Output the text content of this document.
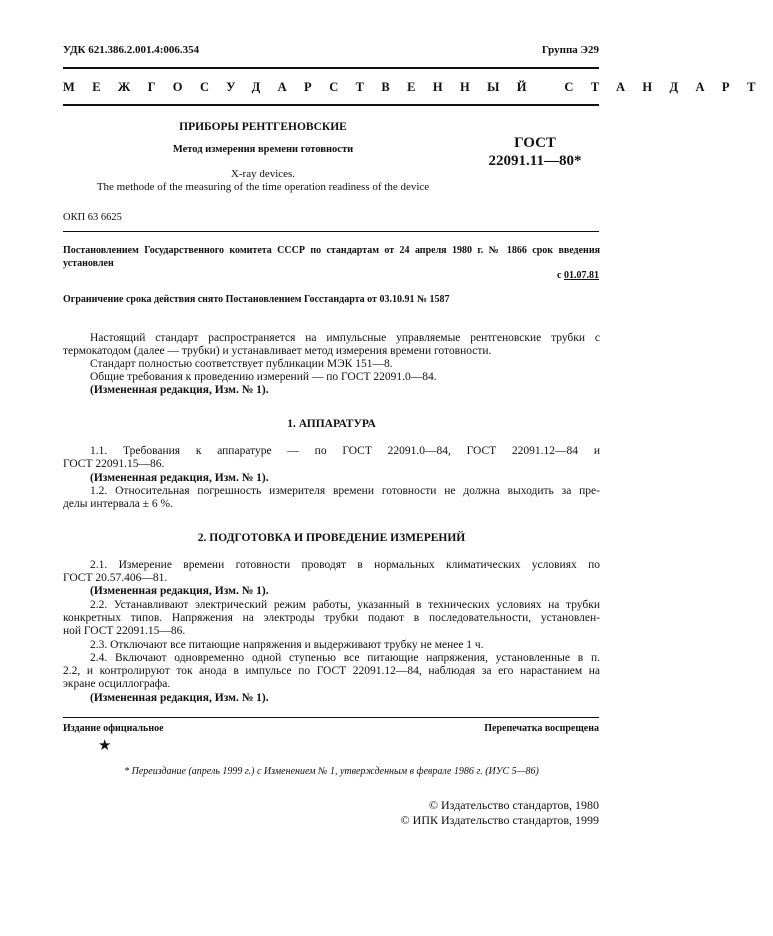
УДК 621.386.2.001.4:006.354	Группа Э29
МЕЖГОСУДАРСТВЕННЫЙ СТАНДАРТ
ПРИБОРЫ РЕНТГЕНОВСКИЕ
Метод измерения времени готовности	ГОСТ
22091.11—80*
X-ray devices.
The methode of the measuring of the time operation readiness of the device
ОКП 63 6625
Постановлением Государственного комитета СССР по стандартам от 24 апреля 1980 г. № 1866 срок введения установлен
с 01.07.81
Ограничение срока действия снято Постановлением Госстандарта от 03.10.91 № 1587
Настоящий стандарт распространяется на импульсные управляемые рентгеновские трубки с
термокатодом (далее — трубки) и устанавливает метод измерения времени готовности.
Стандарт полностью соответствует публикации МЭК 151—8.
Общие требования к проведению измерений — по ГОСТ 22091.0—84.
(Измененная редакция, Изм. № 1).
1. АППАРАТУРА
1.1. Требования к аппаратуре — по ГОСТ 22091.0—84, ГОСТ 22091.12—84 и
ГОСТ 22091.15—86.
(Измененная редакция, Изм. № 1).
1.2. Относительная погрешность измерителя времени готовности не должна выходить за пре-
делы интервала ± 6 %.
2. ПОДГОТОВКА И ПРОВЕДЕНИЕ ИЗМЕРЕНИЙ
2.1. Измерение времени готовности проводят в нормальных климатических условиях по
ГОСТ 20.57.406—81.
(Измененная редакция, Изм. № 1).
2.2. Устанавливают электрический режим работы, указанный в технических условиях на трубки
конкретных типов. Напряжения на электроды трубки подают в последовательности, установлен-
ной ГОСТ 22091.15—86.
2.3. Отключают все питающие напряжения и выдерживают трубку не менее 1 ч.
2.4. Включают одновременно одной ступенью все питающие напряжения, установленные в п.
2.2, и контролируют ток анода в импульсе по ГОСТ 22091.12—84, наблюдая за его нарастанием на
экране осциллографа.
(Измененная редакция, Изм. № 1).
Издание официальное	Перепечатка воспрещена
★
* Переиздание (апрель 1999 г.) с Изменением № 1, утвержденным в феврале 1986 г. (ИУС 5—86)
© Издательство стандартов, 1980
© ИПК Издательство стандартов, 1999
